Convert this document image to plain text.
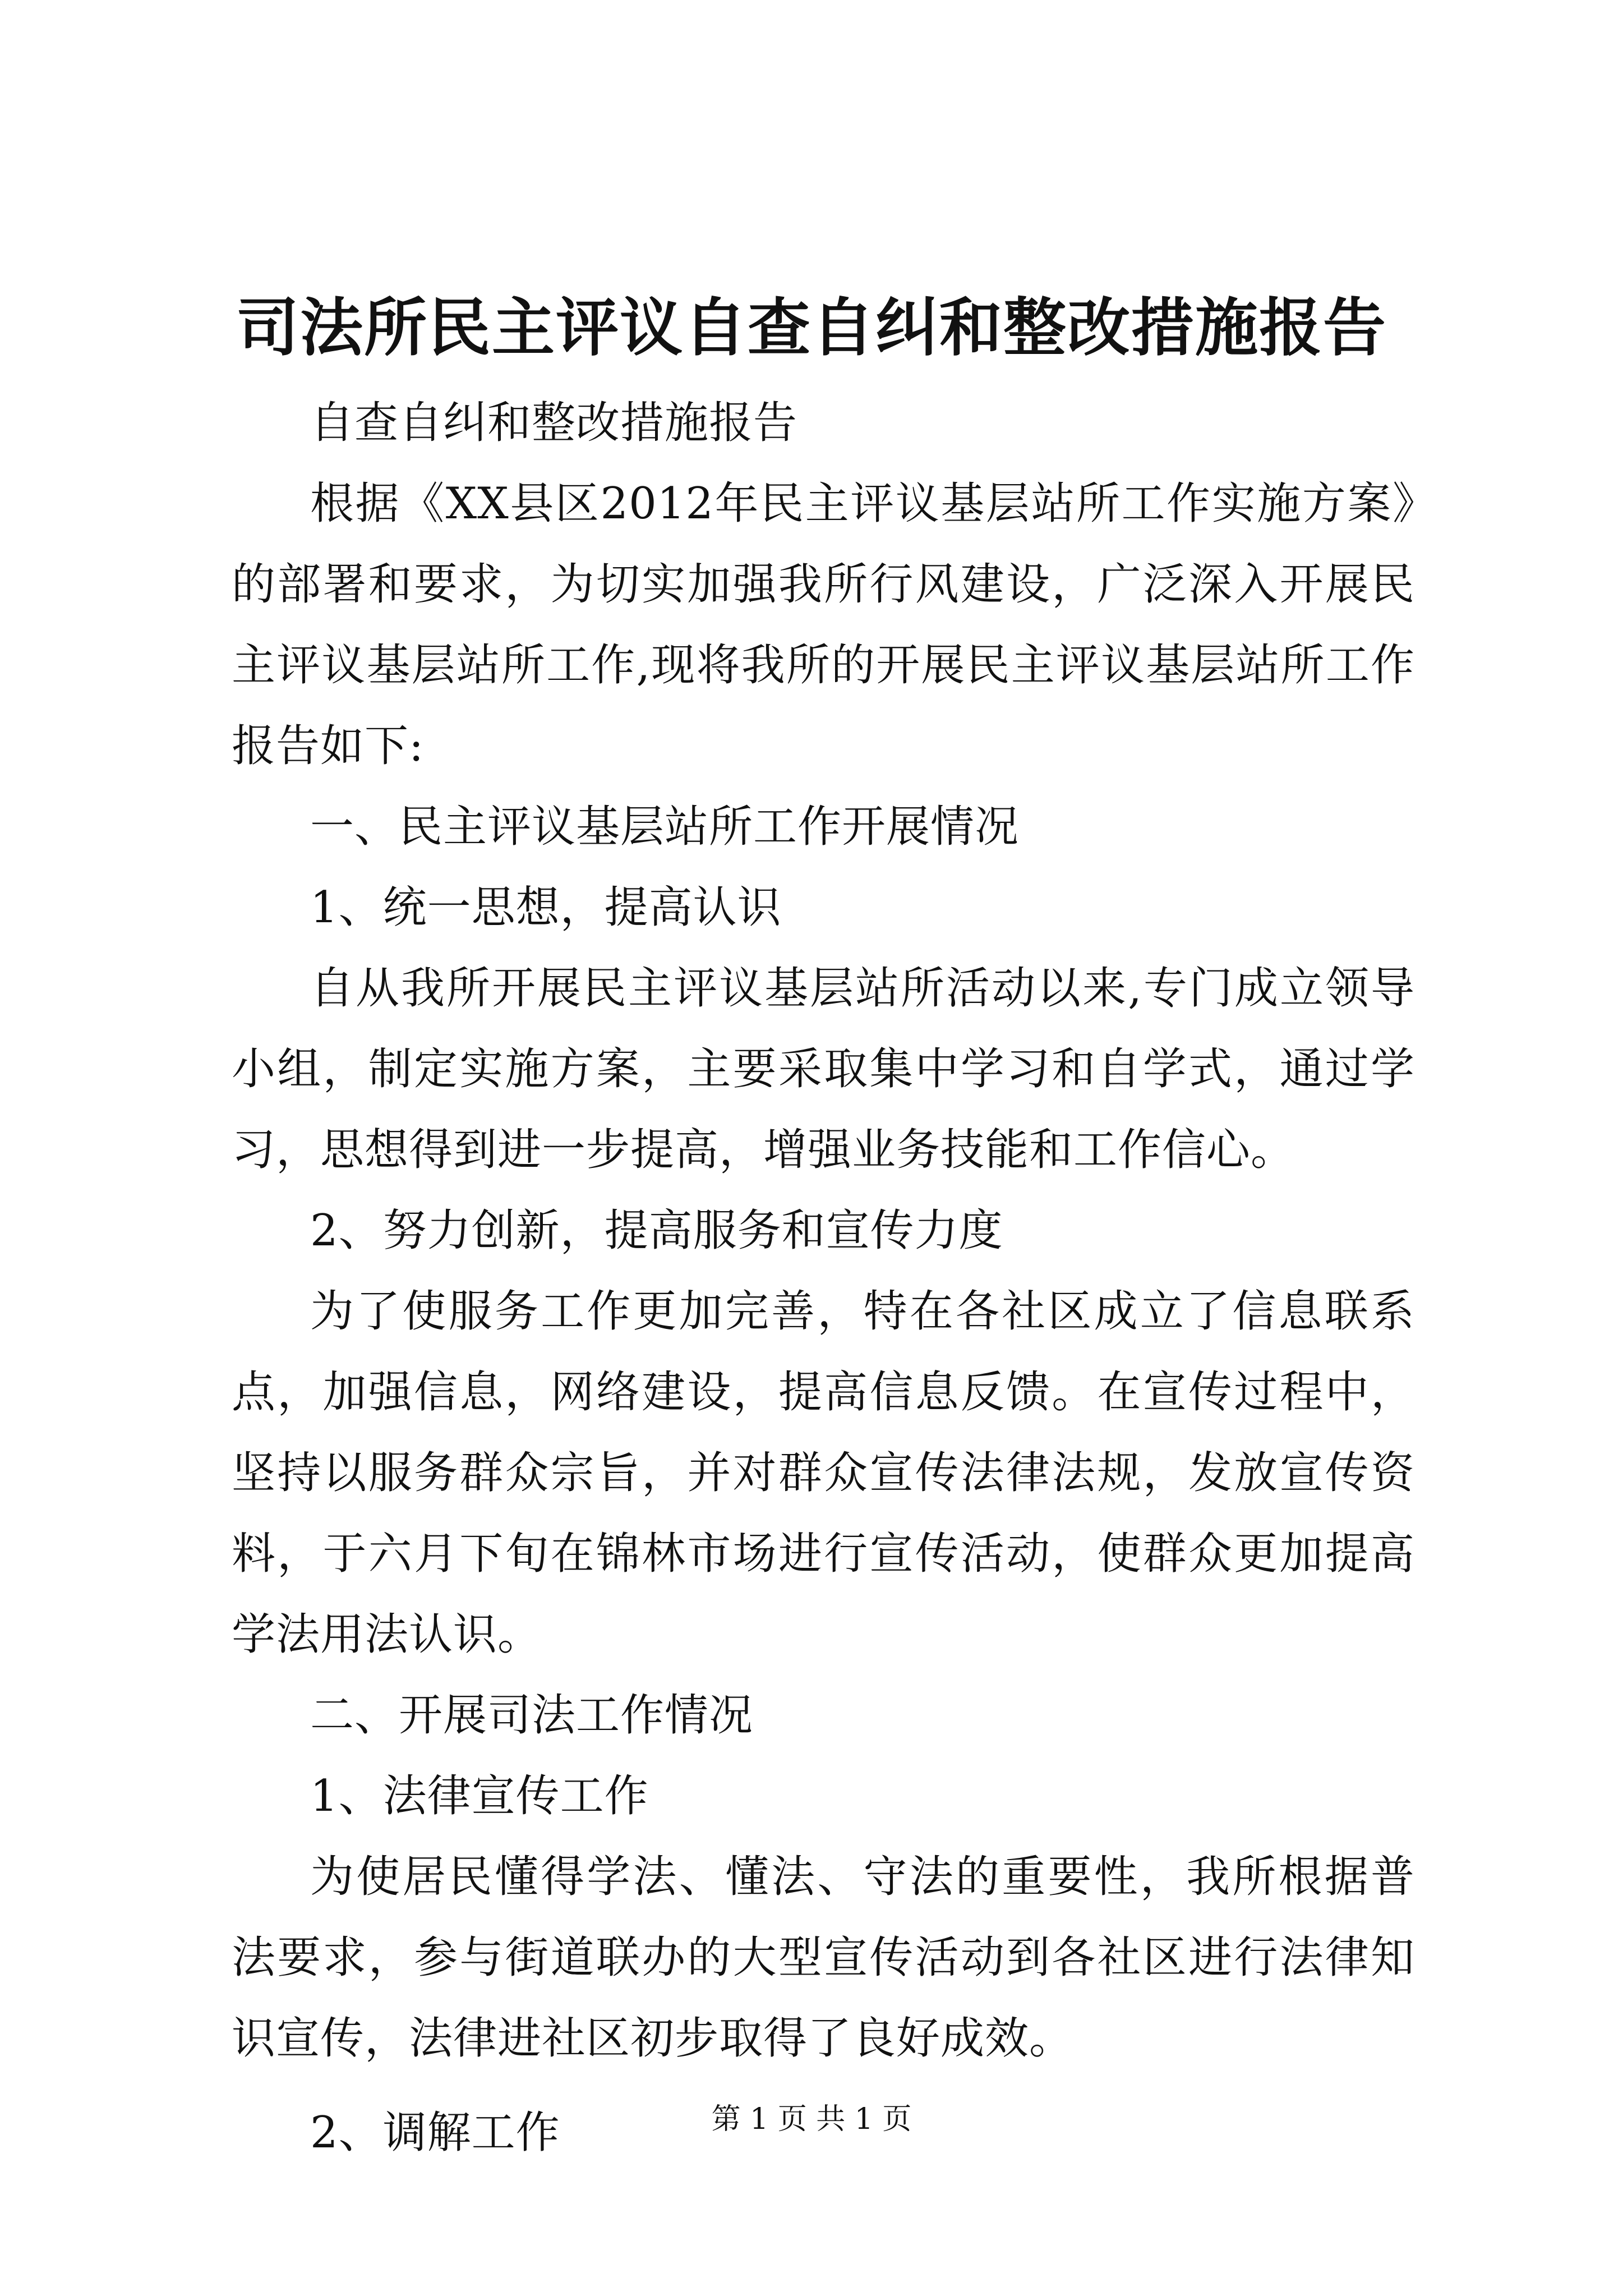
司法所民主评议自查自纠和整改措施报告

自查自纠和整改措施报告

根据《XX县区2012年民主评议基层站所工作实施方案》的部署和要求，为切实加强我所行风建设，广泛深入开展民主评议基层站所工作,现将我所的开展民主评议基层站所工作报告如下:

一、民主评议基层站所工作开展情况

1、统一思想，提高认识

自从我所开展民主评议基层站所活动以来,专门成立领导小组，制定实施方案，主要采取集中学习和自学式，通过学习，思想得到进一步提高，增强业务技能和工作信心。

2、努力创新，提高服务和宣传力度

为了使服务工作更加完善，特在各社区成立了信息联系点，加强信息，网络建设，提高信息反馈。在宣传过程中，坚持以服务群众宗旨，并对群众宣传法律法规，发放宣传资料，于六月下旬在锦林市场进行宣传活动，使群众更加提高学法用法认识。

二、开展司法工作情况

1、法律宣传工作

为使居民懂得学法、懂法、守法的重要性，我所根据普法要求，参与街道联办的大型宣传活动到各社区进行法律知识宣传，法律进社区初步取得了良好成效。

2、调解工作	第 1 页 共 1 页
